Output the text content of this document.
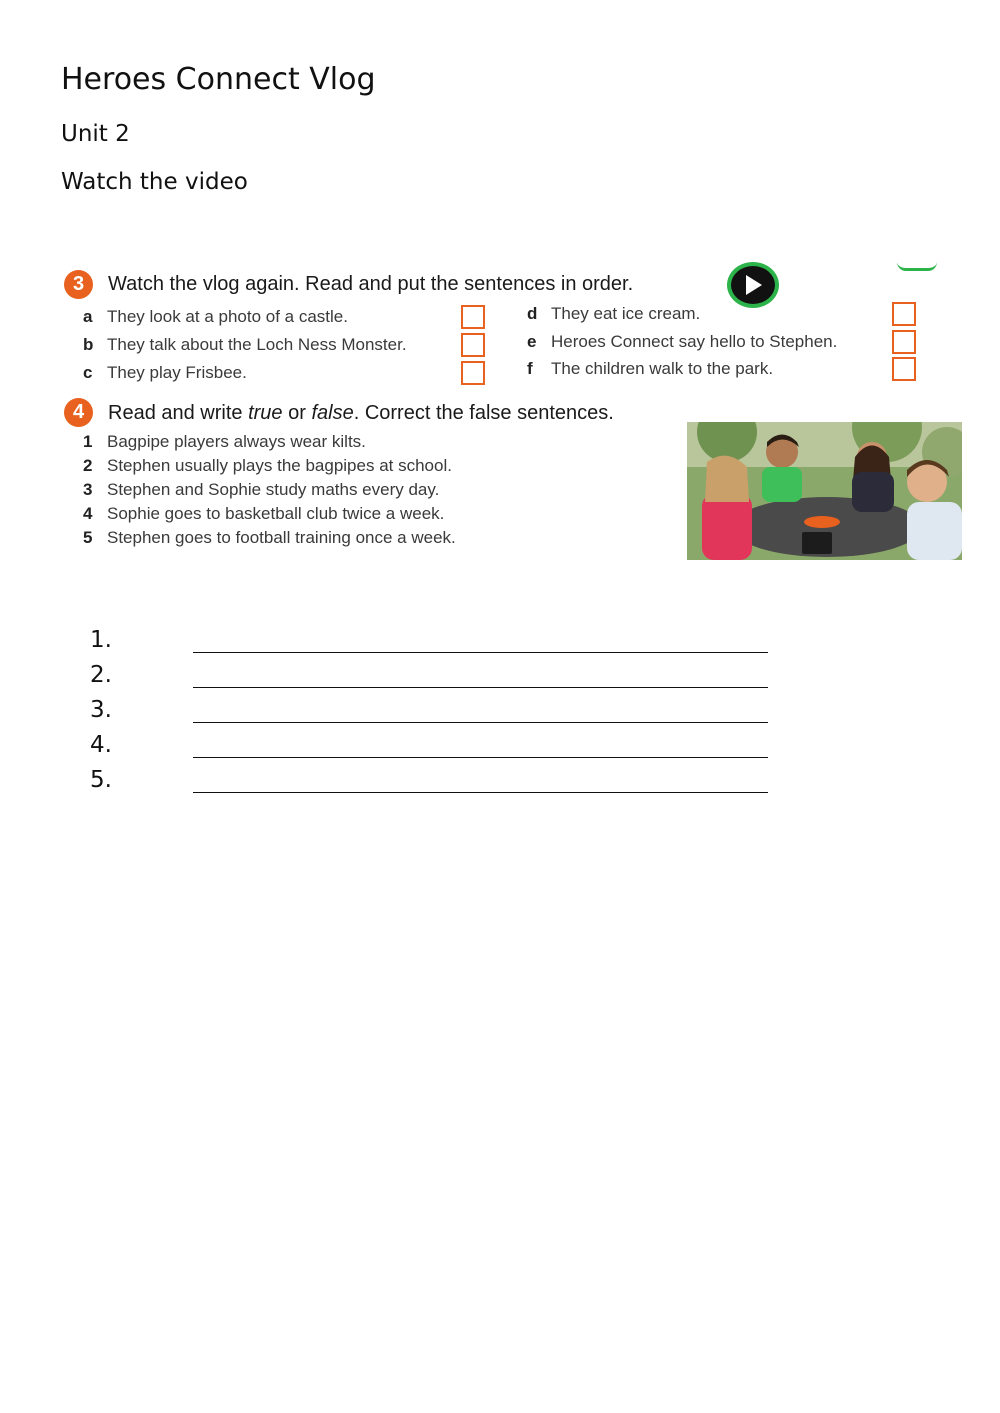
Heroes Connect Vlog
Unit 2
Watch the video
3	Watch the vlog again. Read and put the sentences in order.
a They look at a photo of a castle.
b They talk about the Loch Ness Monster.
c They play Frisbee.
d They eat ice cream.
e Heroes Connect say hello to Stephen.
f The children walk to the park.
4	Read and write true or false. Correct the false sentences.
1 Bagpipe players always wear kilts.
2 Stephen usually plays the bagpipes at school.
3 Stephen and Sophie study maths every day.
4 Sophie goes to basketball club twice a week.
5 Stephen goes to football training once a week.
1.
2.
3.
4.
5.
